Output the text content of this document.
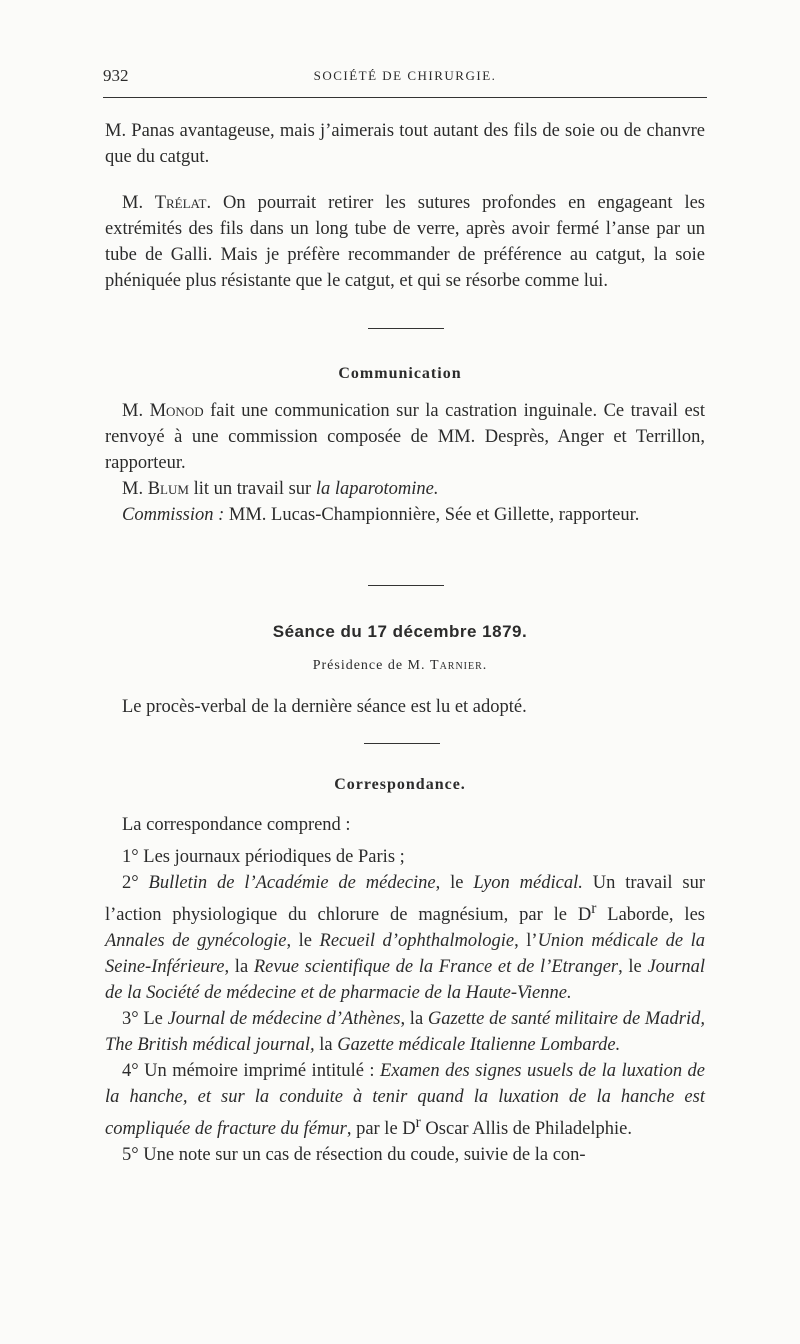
932	SOCIÉTÉ DE CHIRURGIE.

M. Panas avantageuse, mais j’aimerais tout autant des fils de soie ou de chanvre que du catgut.

M. Trélat. On pourrait retirer les sutures profondes en engageant les extrémités des fils dans un long tube de verre, après avoir fermé l’anse par un tube de Galli. Mais je préfère recommander de préférence au catgut, la soie phéniquée plus résistante que le catgut, et qui se résorbe comme lui.

Communication

M. Monod fait une communication sur la castration inguinale. Ce travail est renvoyé à une commission composée de MM. Desprès, Anger et Terrillon, rapporteur.

M. Blum lit un travail sur la laparotomine.

Commission : MM. Lucas-Championnière, Sée et Gillette, rapporteur.

Séance du 17 décembre 1879.
Présidence de M. Tarnier.

Le procès-verbal de la dernière séance est lu et adopté.

Correspondance.

La correspondance comprend :

1° Les journaux périodiques de Paris ;

2° Bulletin de l’Académie de médecine, le Lyon médical. Un travail sur l’action physiologique du chlorure de magnésium, par le $D^r$ Laborde, les Annales de gynécologie, le Recueil d’ophthalmologie, l’Union médicale de la Seine-Inférieure, la Revue scientifique de la France et de l’Etranger, le Journal de la Société de médecine et de pharmacie de la Haute-Vienne.

3° Le Journal de médecine d’Athènes, la Gazette de santé militaire de Madrid, The British médical journal, la Gazette médicale Italienne Lombarde.

4° Un mémoire imprimé intitulé : Examen des signes usuels de la luxation de la hanche, et sur la conduite à tenir quand la luxation de la hanche est compliquée de fracture du fémur, par le $D^r$ Oscar Allis de Philadelphie.

5° Une note sur un cas de résection du coude, suivie de la con-
